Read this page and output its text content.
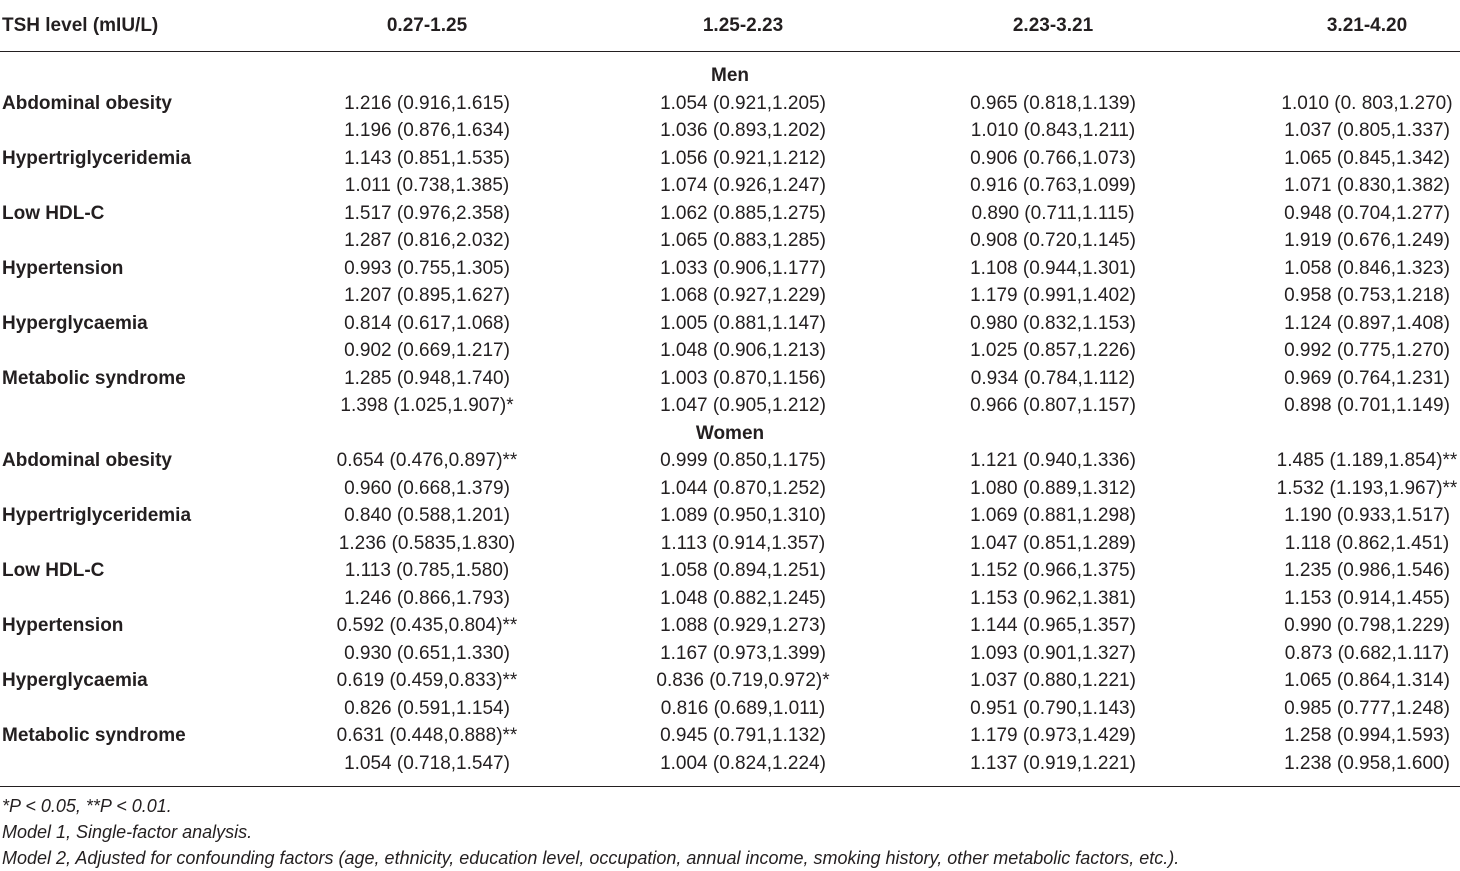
TSH level (mIU/L)	0.27-1.25	1.25-2.23	2.23-3.21	3.21-4.20
Men
Abdominal obesity	1.216 (0.916,1.615)	1.054 (0.921,1.205)	0.965 (0.818,1.139)	1.010 (0. 803,1.270)
1.196 (0.876,1.634)	1.036 (0.893,1.202)	1.010 (0.843,1.211)	1.037 (0.805,1.337)
Hypertriglyceridemia	1.143 (0.851,1.535)	1.056 (0.921,1.212)	0.906 (0.766,1.073)	1.065 (0.845,1.342)
1.011 (0.738,1.385)	1.074 (0.926,1.247)	0.916 (0.763,1.099)	1.071 (0.830,1.382)
Low HDL-C	1.517 (0.976,2.358)	1.062 (0.885,1.275)	0.890 (0.711,1.115)	0.948 (0.704,1.277)
1.287 (0.816,2.032)	1.065 (0.883,1.285)	0.908 (0.720,1.145)	1.919 (0.676,1.249)
Hypertension	0.993 (0.755,1.305)	1.033 (0.906,1.177)	1.108 (0.944,1.301)	1.058 (0.846,1.323)
1.207 (0.895,1.627)	1.068 (0.927,1.229)	1.179 (0.991,1.402)	0.958 (0.753,1.218)
Hyperglycaemia	0.814 (0.617,1.068)	1.005 (0.881,1.147)	0.980 (0.832,1.153)	1.124 (0.897,1.408)
0.902 (0.669,1.217)	1.048 (0.906,1.213)	1.025 (0.857,1.226)	0.992 (0.775,1.270)
Metabolic syndrome	1.285 (0.948,1.740)	1.003 (0.870,1.156)	0.934 (0.784,1.112)	0.969 (0.764,1.231)
1.398 (1.025,1.907)*	1.047 (0.905,1.212)	0.966 (0.807,1.157)	0.898 (0.701,1.149)
Women
Abdominal obesity	0.654 (0.476,0.897)**	0.999 (0.850,1.175)	1.121 (0.940,1.336)	1.485 (1.189,1.854)**
0.960 (0.668,1.379)	1.044 (0.870,1.252)	1.080 (0.889,1.312)	1.532 (1.193,1.967)**
Hypertriglyceridemia	0.840 (0.588,1.201)	1.089 (0.950,1.310)	1.069 (0.881,1.298)	1.190 (0.933,1.517)
1.236 (0.5835,1.830)	1.113 (0.914,1.357)	1.047 (0.851,1.289)	1.118 (0.862,1.451)
Low HDL-C	1.113 (0.785,1.580)	1.058 (0.894,1.251)	1.152 (0.966,1.375)	1.235 (0.986,1.546)
1.246 (0.866,1.793)	1.048 (0.882,1.245)	1.153 (0.962,1.381)	1.153 (0.914,1.455)
Hypertension	0.592 (0.435,0.804)**	1.088 (0.929,1.273)	1.144 (0.965,1.357)	0.990 (0.798,1.229)
0.930 (0.651,1.330)	1.167 (0.973,1.399)	1.093 (0.901,1.327)	0.873 (0.682,1.117)
Hyperglycaemia	0.619 (0.459,0.833)**	0.836 (0.719,0.972)*	1.037 (0.880,1.221)	1.065 (0.864,1.314)
0.826 (0.591,1.154)	0.816 (0.689,1.011)	0.951 (0.790,1.143)	0.985 (0.777,1.248)
Metabolic syndrome	0.631 (0.448,0.888)**	0.945 (0.791,1.132)	1.179 (0.973,1.429)	1.258 (0.994,1.593)
1.054 (0.718,1.547)	1.004 (0.824,1.224)	1.137 (0.919,1.221)	1.238 (0.958,1.600)
*P < 0.05, **P < 0.01.
Model 1, Single-factor analysis.
Model 2, Adjusted for confounding factors (age, ethnicity, education level, occupation, annual income, smoking history, other metabolic factors, etc.).
